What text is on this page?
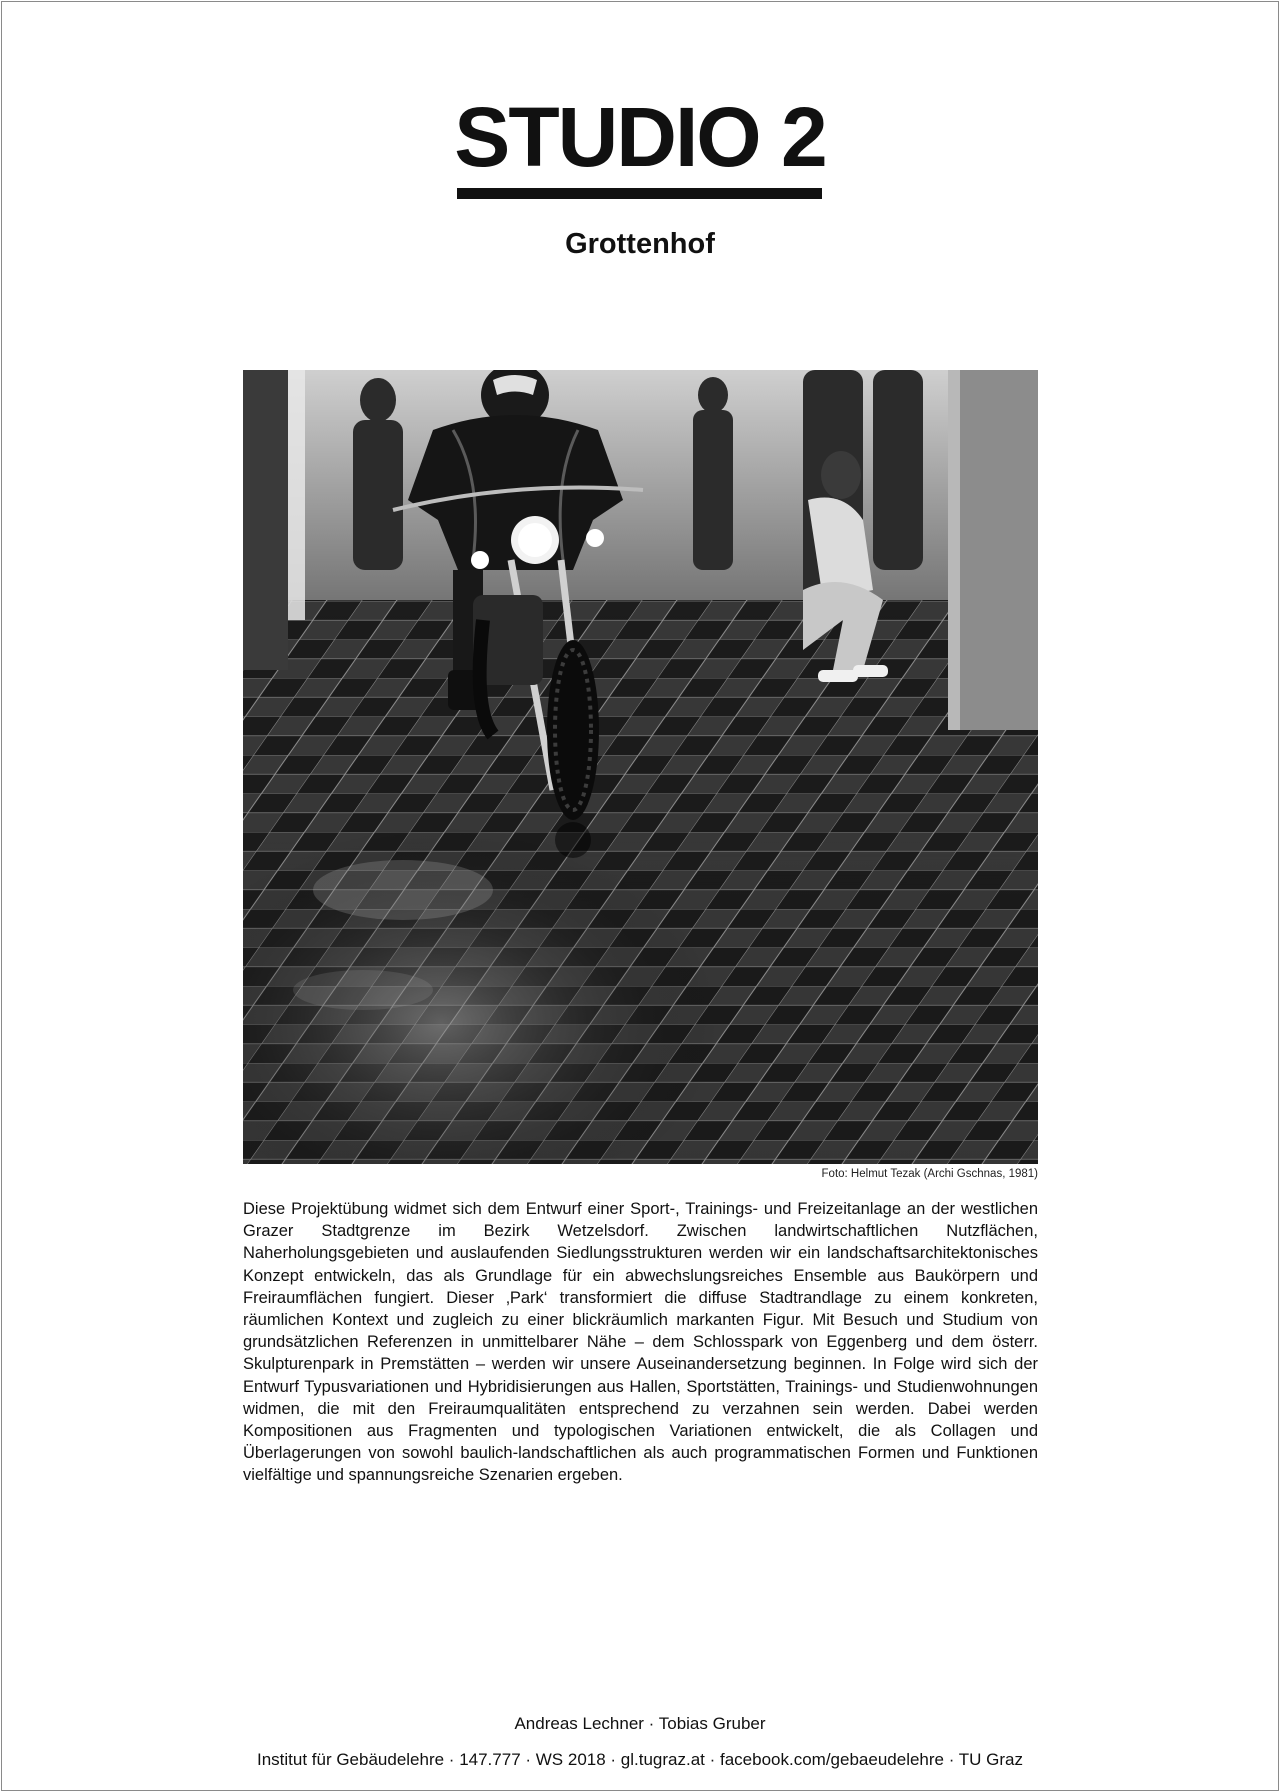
STUDIO 2
Grottenhof
Foto: Helmut Tezak (Archi Gschnas, 1981)

Diese Projektübung widmet sich dem Entwurf einer Sport-, Trainings- und Freizeitanlage an der westlichen Grazer Stadtgrenze im Bezirk Wetzelsdorf. Zwischen landwirtschaftlichen Nutzflächen, Naherholungsgebieten und auslaufenden Siedlungsstrukturen werden wir ein landschaftsarchitektonisches Konzept entwickeln, das als Grundlage für ein abwechslungsreiches Ensemble aus Baukörpern und Freiraumflächen fungiert. Dieser ‚Park‘ transformiert die diffuse Stadtrandlage zu einem konkreten, räumlichen Kontext und zugleich zu einer blickräumlich markanten Figur. Mit Besuch und Studium von grundsätzlichen Referenzen in unmittelbarer Nähe – dem Schlosspark von Eggenberg und dem österr. Skulpturenpark in Premstätten – werden wir unsere Auseinandersetzung beginnen. In Folge wird sich der Entwurf Typusvariationen und Hybridisierungen aus Hallen, Sportstätten, Trainings- und Studienwohnungen widmen, die mit den Freiraumqualitäten entsprechend zu verzahnen sein werden. Dabei werden Kompositionen aus Fragmenten und typologischen Variationen entwickelt, die als Collagen und Überlagerungen von sowohl baulich-landschaftlichen als auch programmatischen Formen und Funktionen vielfältige und spannungsreiche Szenarien ergeben.

Andreas Lechner · Tobias Gruber
Institut für Gebäudelehre · 147.777 · WS 2018 · gl.tugraz.at · facebook.com/gebaeudelehre · TU Graz
